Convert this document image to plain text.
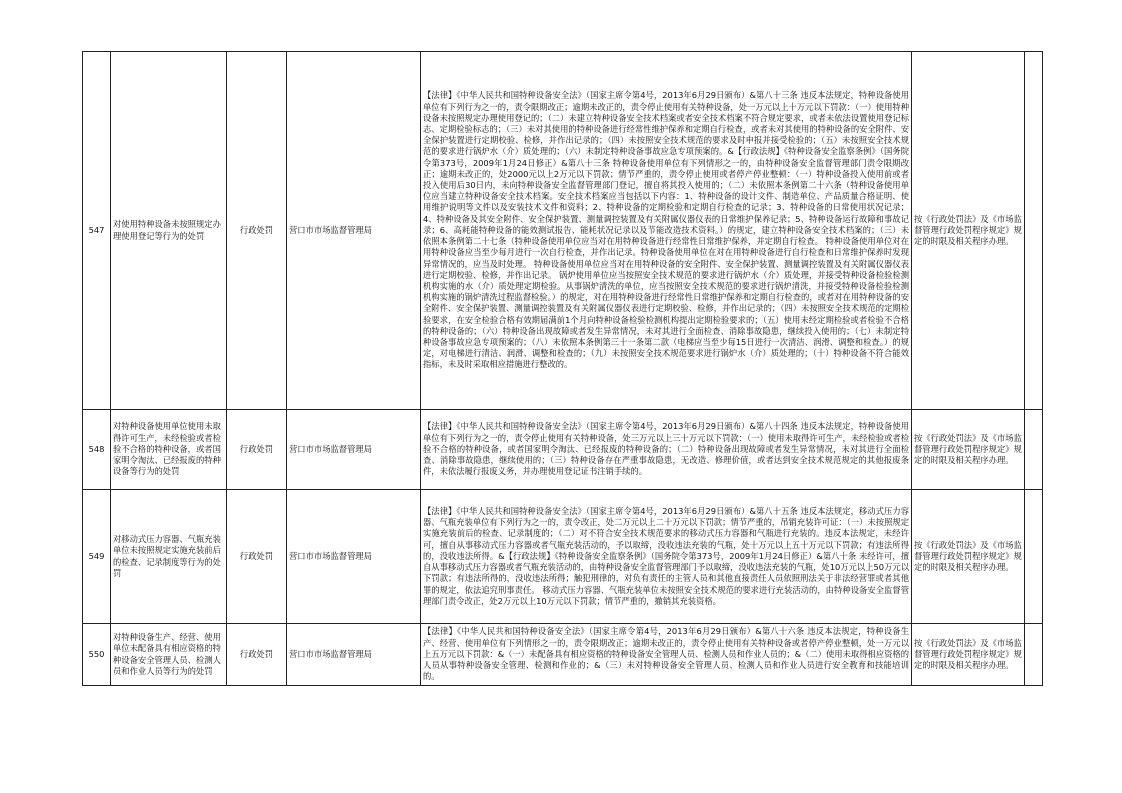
547	对使用特种设备未按照规定办理使用登记等行为的处罚	行政处罚	营口市市场监督管理局	【法律】《中华人民共和国特种设备安全法》（国家主席令第4号，2013年6月29日颁布）&第八十三条 违反本法规定，特种设备使用单位有下列行为之一的，责令限期改正；逾期未改正的，责令停止使用有关特种设备，处一万元以上十万元以下罚款：（一）使用特种设备未按照规定办理使用登记的；（二）未建立特种设备安全技术档案或者安全技术档案不符合规定要求，或者未依法设置使用登记标志、定期检验标志的；（三）未对其使用的特种设备进行经常性维护保养和定期自行检查，或者未对其使用的特种设备的安全附件、安全保护装置进行定期校验、检修，并作出记录的；（四）未按照安全技术规范的要求及时申报并接受检验的；（五）未按照安全技术规范的要求进行锅炉水（介）质处理的；（六）未制定特种设备事故应急专项预案的。&【行政法规】《特种设备安全监察条例》（国务院令第373号，2009年1月24日修正）&第八十三条 特种设备使用单位有下列情形之一的，由特种设备安全监督管理部门责令限期改正；逾期未改正的，处2000元以上2万元以下罚款；情节严重的，责令停止使用或者停产停业整顿：（一）特种设备投入使用前或者投入使用后30日内，未向特种设备安全监督管理部门登记，擅自将其投入使用的；（二）未依照本条例第二十六条（特种设备使用单位应当建立特种设备安全技术档案。安全技术档案应当包括以下内容：1、特种设备的设计文件、制造单位、产品质量合格证明、使用维护说明等文件以及安装技术文件和资料；2、特种设备的定期检验和定期自行检查的记录；3、特种设备的日常使用状况记录；4、特种设备及其安全附件、安全保护装置、测量调控装置及有关附属仪器仪表的日常维护保养记录；5、特种设备运行故障和事故记录；6、高耗能特种设备的能效测试报告、能耗状况记录以及节能改造技术资料。）的规定，建立特种设备安全技术档案的；（三）未依照本条例第二十七条（特种设备使用单位应当对在用特种设备进行经常性日常维护保养，并定期自行检查。 特种设备使用单位对在用特种设备应当至少每月进行一次自行检查，并作出记录。特种设备使用单位在对在用特种设备进行自行检查和日常维护保养时发现异常情况的，应当及时处理。 特种设备使用单位应当对在用特种设备的安全附件、安全保护装置、测量调控装置及有关附属仪器仪表进行定期校验、检修，并作出记录。 锅炉使用单位应当按照安全技术规范的要求进行锅炉水（介）质处理，并接受特种设备检验检测机构实施的水（介）质处理定期检验。从事锅炉清洗的单位，应当按照安全技术规范的要求进行锅炉清洗，并接受特种设备检验检测机构实施的锅炉清洗过程监督检验。）的规定，对在用特种设备进行经常性日常维护保养和定期自行检查的，或者对在用特种设备的安全附件、安全保护装置、测量调控装置及有关附属仪器仪表进行定期校验、检修，并作出记录的；（四）未按照安全技术规范的定期检验要求，在安全检验合格有效期届满前1个月向特种设备检验检测机构提出定期检验要求的；（五）使用未经定期检验或者检验不合格的特种设备的；（六）特种设备出现故障或者发生异常情况，未对其进行全面检查、消除事故隐患，继续投入使用的；（七）未制定特种设备事故应急专项预案的；（八）未依照本条例第三十一条第二款（电梯应当至少每15日进行一次清洁、润滑、调整和检查。）的规定，对电梯进行清洁、润滑、调整和检查的；（九）未按照安全技术规范要求进行锅炉水（介）质处理的；（十）特种设备不符合能效指标，未及时采取相应措施进行整改的。	按《行政处罚法》及《市场监督管理行政处罚程序规定》规定的时限及相关程序办理。	
548	对特种设备使用单位使用未取得许可生产，未经检验或者检验不合格的特种设备，或者国家明令淘汰、已经报废的特种设备等行为的处罚	行政处罚	营口市市场监督管理局	【法律】《中华人民共和国特种设备安全法》（国家主席令第4号，2013年6月29日颁布）&第八十四条 违反本法规定，特种设备使用单位有下列行为之一的，责令停止使用有关特种设备，处三万元以上三十万元以下罚款：（一）使用未取得许可生产，未经检验或者检验不合格的特种设备，或者国家明令淘汰、已经报废的特种设备的；（二）特种设备出现故障或者发生异常情况，未对其进行全面检查、消除事故隐患，继续使用的；（三）特种设备存在严重事故隐患，无改造、修理价值，或者达到安全技术规范规定的其他报废条件，未依法履行报废义务，并办理使用登记证书注销手续的。	按《行政处罚法》及《市场监督管理行政处罚程序规定》规定的时限及相关程序办理。	
549	对移动式压力容器、气瓶充装单位未按照规定实施充装前后的检查、记录制度等行为的处罚	行政处罚	营口市市场监督管理局	【法律】《中华人民共和国特种设备安全法》（国家主席令第4号，2013年6月29日颁布）&第八十五条 违反本法规定，移动式压力容器、气瓶充装单位有下列行为之一的，责令改正，处二万元以上二十万元以下罚款；情节严重的，吊销充装许可证：（一）未按照规定实施充装前后的检查、记录制度的；（二）对不符合安全技术规范要求的移动式压力容器和气瓶进行充装的。违反本法规定，未经许可，擅自从事移动式压力容器或者气瓶充装活动的，予以取缔，没收违法充装的气瓶，处十万元以上五十万元以下罚款；有违法所得的，没收违法所得。&【行政法规】《特种设备安全监察条例》（国务院令第373号，2009年1月24日修正）&第八十条 未经许可，擅自从事移动式压力容器或者气瓶充装活动的，由特种设备安全监督管理部门予以取缔，没收违法充装的气瓶，处10万元以上50万元以下罚款；有违法所得的，没收违法所得；触犯刑律的，对负有责任的主管人员和其他直接责任人员依照刑法关于非法经营罪或者其他罪的规定，依法追究刑事责任。 移动式压力容器、气瓶充装单位未按照安全技术规范的要求进行充装活动的，由特种设备安全监督管理部门责令改正，处2万元以上10万元以下罚款；情节严重的，撤销其充装资格。	按《行政处罚法》及《市场监督管理行政处罚程序规定》规定的时限及相关程序办理。	
550	对特种设备生产、经营、使用单位未配备具有相应资格的特种设备安全管理人员、检测人员和作业人员等行为的处罚	行政处罚	营口市市场监督管理局	【法律】《中华人民共和国特种设备安全法》（国家主席令第4号，2013年6月29日颁布）&第八十六条 违反本法规定，特种设备生产、经营、使用单位有下列情形之一的，责令限期改正；逾期未改正的，责令停止使用有关特种设备或者停产停业整顿，处一万元以上五万元以下罚款：&（一）未配备具有相应资格的特种设备安全管理人员、检测人员和作业人员的；&（二）使用未取得相应资格的人员从事特种设备安全管理、检测和作业的；&（三）未对特种设备安全管理人员、检测人员和作业人员进行安全教育和技能培训的。	按《行政处罚法》及《市场监督管理行政处罚程序规定》规定的时限及相关程序办理。	
